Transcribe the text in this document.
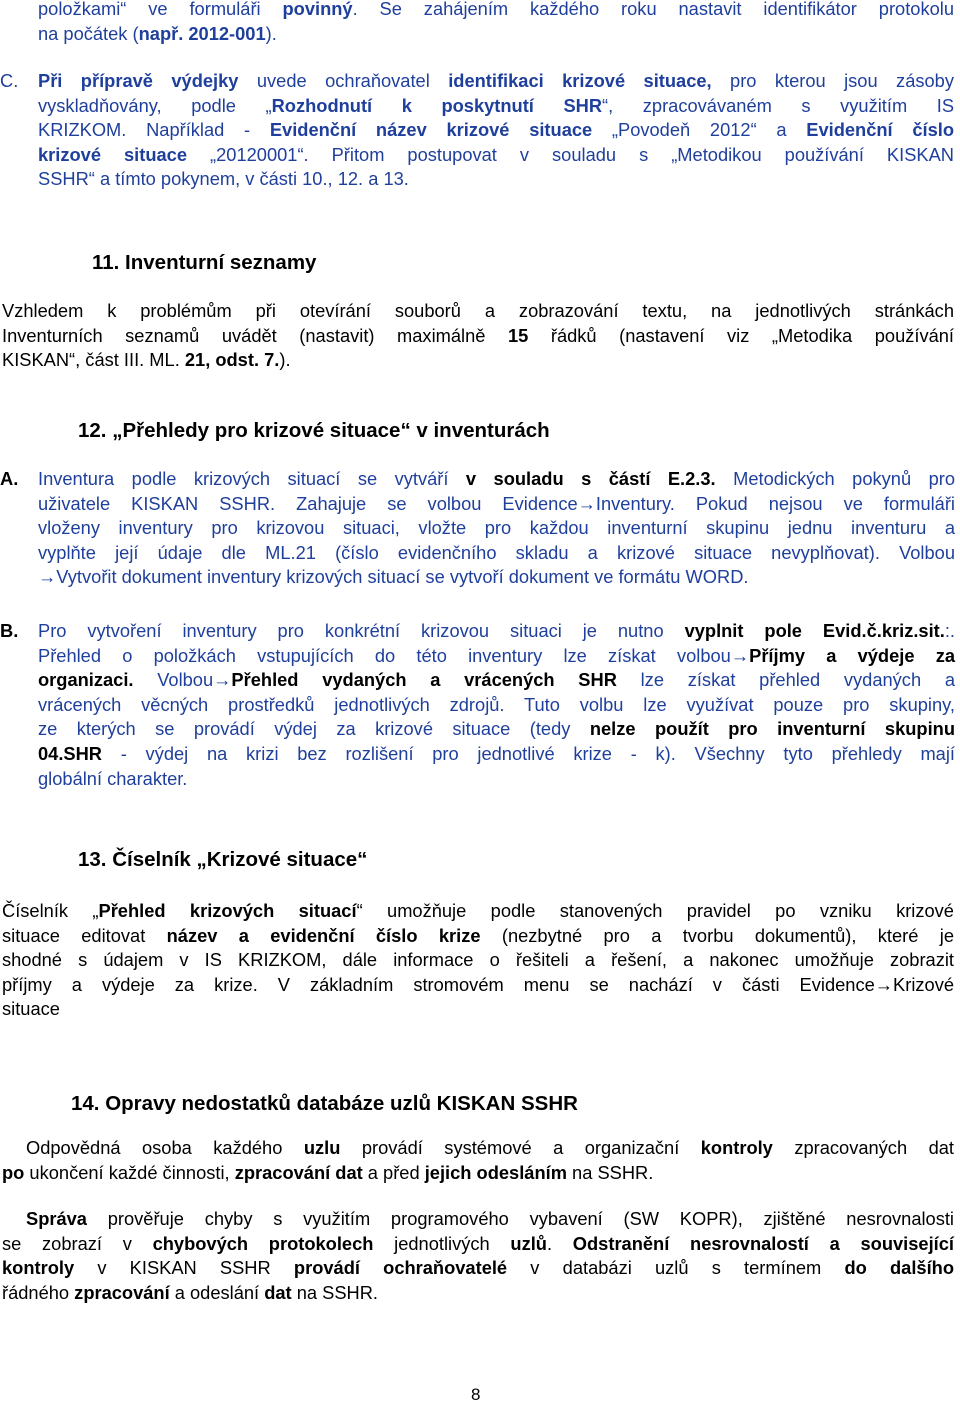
položkami“ ve formuláři povinný. Se zahájením každého roku nastavit identifikátor protokolu
na počátek (např. 2012-001).
C. Při přípravě výdejky uvede ochraňovatel identifikaci krizové situace, pro kterou jsou zásoby
vyskladňovány, podle „Rozhodnutí k poskytnutí SHR“, zpracovávaném s využitím IS
KRIZKOM. Například - Evidenční název krizové situace „Povodeň 2012“ a Evidenční číslo
krizové situace „20120001“. Přitom postupovat v souladu s „Metodikou používání KISKAN
SSHR“ a tímto pokynem, v části 10., 12. a 13.
11. Inventurní seznamy
Vzhledem k problémům při otevírání souborů a zobrazování textu, na jednotlivých stránkách
Inventurních seznamů uvádět (nastavit) maximálně 15 řádků (nastavení viz „Metodika používání
KISKAN“, část III. ML. 21, odst. 7.).
12. „Přehledy pro krizové situace“ v inventurách
A. Inventura podle krizových situací se vytváří v souladu s částí E.2.3. Metodických pokynů pro
uživatele KISKAN SSHR. Zahajuje se volbou Evidence→Inventury. Pokud nejsou ve formuláři
vloženy inventury pro krizovou situaci, vložte pro každou inventurní skupinu jednu inventuru a
vyplňte její údaje dle ML.21 (číslo evidenčního skladu a krizové situace nevyplňovat). Volbou
→Vytvořit dokument inventury krizových situací se vytvoří dokument ve formátu WORD.
B. Pro vytvoření inventury pro konkrétní krizovou situaci je nutno vyplnit pole Evid.č.kriz.sit.:.
Přehled o položkách vstupujících do této inventury lze získat volbou→Příjmy a výdeje za
organizaci. Volbou→Přehled vydaných a vrácených SHR lze získat přehled vydaných a
vrácených věcných prostředků jednotlivých zdrojů. Tuto volbu lze využívat pouze pro skupiny,
ze kterých se provádí výdej za krizové situace (tedy nelze použít pro inventurní skupinu
04.SHR - výdej na krizi bez rozlišení pro jednotlivé krize - k). Všechny tyto přehledy mají
globální charakter.
13. Číselník „Krizové situace“
Číselník „Přehled krizových situací“ umožňuje podle stanovených pravidel po vzniku krizové
situace editovat název a evidenční číslo krize (nezbytné pro a tvorbu dokumentů), které je
shodné s údajem v IS KRIZKOM, dále informace o řešiteli a řešení, a nakonec umožňuje zobrazit
příjmy a výdeje za krize. V základním stromovém menu se nachází v části Evidence→Krizové
situace
14. Opravy nedostatků databáze uzlů KISKAN SSHR
Odpovědná osoba každého uzlu provádí systémové a organizační kontroly zpracovaných dat
po ukončení každé činnosti, zpracování dat a před jejich odesláním na SSHR.
Správa prověřuje chyby s využitím programového vybavení (SW KOPR), zjištěné nesrovnalosti
se zobrazí v chybových protokolech jednotlivých uzlů. Odstranění nesrovnalostí a související
kontroly v KISKAN SSHR provádí ochraňovatelé v databázi uzlů s termínem do dalšího
řádného zpracování a odeslání dat na SSHR.
8
